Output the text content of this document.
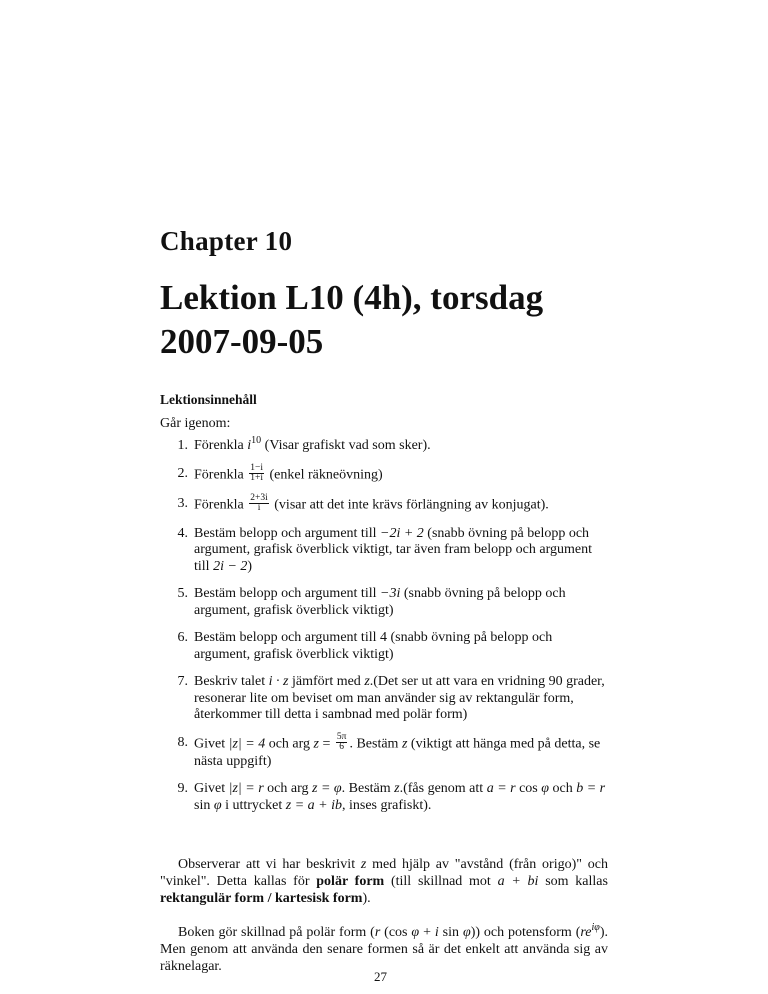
Chapter 10
Lektion L10 (4h), torsdag 2007-09-05
Lektionsinnehåll
Går igenom:
1. Förenkla $i^{10}$ (Visar grafiskt vad som sker).
2. Förenkla $\frac{1-i}{1+i}$ (enkel räkneövning)
3. Förenkla $\frac{2+3i}{i}$ (visar att det inte krävs förlängning av konjugat).
4. Bestäm belopp och argument till −2i + 2 (snabb övning på belopp och argument, grafisk överblick viktigt, tar även fram belopp och argument till 2i − 2)
5. Bestäm belopp och argument till −3i (snabb övning på belopp och argument, grafisk överblick viktigt)
6. Bestäm belopp och argument till 4 (snabb övning på belopp och argument, grafisk överblick viktigt)
7. Beskriv talet i · z jämfört med z.(Det ser ut att vara en vridning 90 grader, resonerar lite om beviset om man använder sig av rektangulär form, återkommer till detta i sambnad med polär form)
8. Givet |z| = 4 och arg $z = \frac{5\pi}{6}$ . Bestäm z (viktigt att hänga med på detta, se nästa uppgift)
9. Givet |z| = r och arg z = φ. Bestäm z.(fås genom att a = r cos φ och b = r sin φ i uttrycket z = a + ib, inses grafiskt).

Observerar att vi har beskrivit z med hjälp av "avstånd (från origo)" och "vinkel". Detta kallas för polär form (till skillnad mot a + bi som kallas rektangulär form / kartesisk form).

Boken gör skillnad på polär form (r (cos φ + i sin φ)) och potensform $(re^{i\varphi})$. Men genom att använda den senare formen så är det enkelt att använda sig av räknelagar.

27
